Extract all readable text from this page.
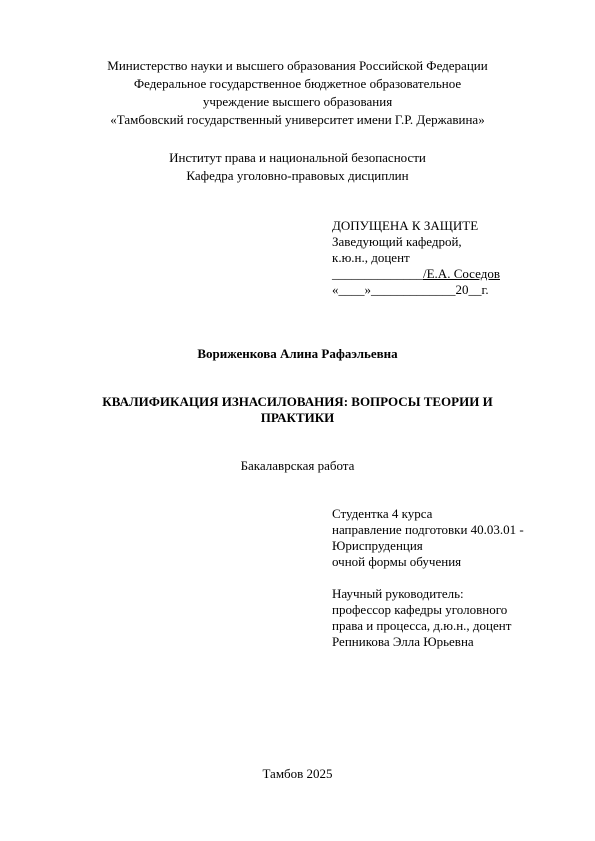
Министерство науки и высшего образования Российской Федерации
Федеральное государственное бюджетное образовательное
учреждение высшего образования
«Тамбовский государственный университет имени Г.Р. Державина»
Институт права и национальной безопасности
Кафедра уголовно-правовых дисциплин
ДОПУЩЕНА К ЗАЩИТЕ
Заведующий кафедрой,
к.ю.н., доцент
______________/Е.А. Соседов
«____»_____________20__г.
Вориженкова Алина Рафаэльевна
КВАЛИФИКАЦИЯ ИЗНАСИЛОВАНИЯ: ВОПРОСЫ ТЕОРИИ И
ПРАКТИКИ
Бакалаврская работа
Студентка 4 курса
направление подготовки 40.03.01 -
Юриспруденция
очной формы обучения
Научный руководитель:
профессор кафедры уголовного
права и процесса, д.ю.н., доцент
Репникова Элла Юрьевна
Тамбов 2025
